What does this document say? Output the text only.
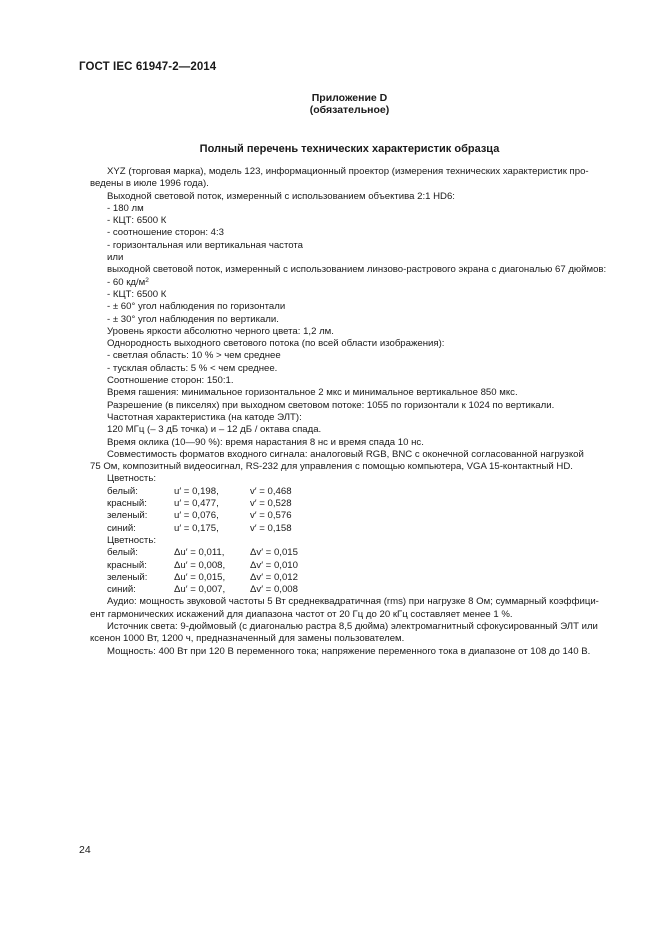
ГОСТ IEC 61947-2—2014
Приложение D
(обязательное)
Полный перечень технических характеристик образца
XYZ (торговая марка), модель 123, информационный проектор (измерения технических характеристик про-
ведены в июле 1996 года).
Выходной световой поток, измеренный с использованием объектива 2:1 HD6:
- 180 лм
- КЦТ: 6500 К
- соотношение сторон: 4:3
- горизонтальная или вертикальная частота
или
выходной световой поток, измеренный с использованием линзово-растрового экрана с диагональю 67 дюймов:
- 60 $кд/м^2$
- КЦТ: 6500 К
- ± 60° угол наблюдения по горизонтали
- ± 30° угол наблюдения по вертикали.
Уровень яркости абсолютно черного цвета: 1,2 лм.
Однородность выходного светового потока (по всей области изображения):
- светлая область: 10 % > чем среднее
- тусклая область: 5 % < чем среднее.
Соотношение сторон: 150:1.
Время гашения: минимальное горизонтальное 2 мкс и минимальное вертикальное 850 мкс.
Разрешение (в пикселях) при выходном световом потоке: 1055 по горизонтали к 1024 по вертикали.
Частотная характеристика (на катоде ЭЛТ):
120 МГц (– 3 дБ точка) и – 12 дБ / октава спада.
Время оклика (10—90 %): время нарастания 8 нс и время спада 10 нс.
Совместимость форматов входного сигнала: аналоговый RGB, BNC с оконечной согласованной нагрузкой
75 Ом, композитный видеосигнал, RS-232 для управления с помощью компьютера, VGA 15-контактный HD.
Цветность:
белый:	u′ = 0,198,	v′ = 0,468
красный:	u′ = 0,477,	v′ = 0,528
зеленый:	u′ = 0,076,	v′ = 0,576
синий:	u′ = 0,175,	v′ = 0,158
Цветность:
белый:	Δu′ = 0,011,	Δv′ = 0,015
красный:	Δu′ = 0,008,	Δv′ = 0,010
зеленый:	Δu′ = 0,015,	Δv′ = 0,012
синий:	Δu′ = 0,007,	Δv′ = 0,008
Аудио: мощность звуковой частоты 5 Вт среднеквадратичная (rms) при нагрузке 8 Ом; суммарный коэффици-
ент гармонических искажений для диапазона частот от 20 Гц до 20 кГц составляет менее 1 %.
Источник света: 9-дюймовый (с диагональю растра 8,5 дюйма) электромагнитный сфокусированный ЭЛТ или
ксенон 1000 Вт, 1200 ч, предназначенный для замены пользователем.
Мощность: 400 Вт при 120 В переменного тока; напряжение переменного тока в диапазоне от 108 до 140 В.
24
